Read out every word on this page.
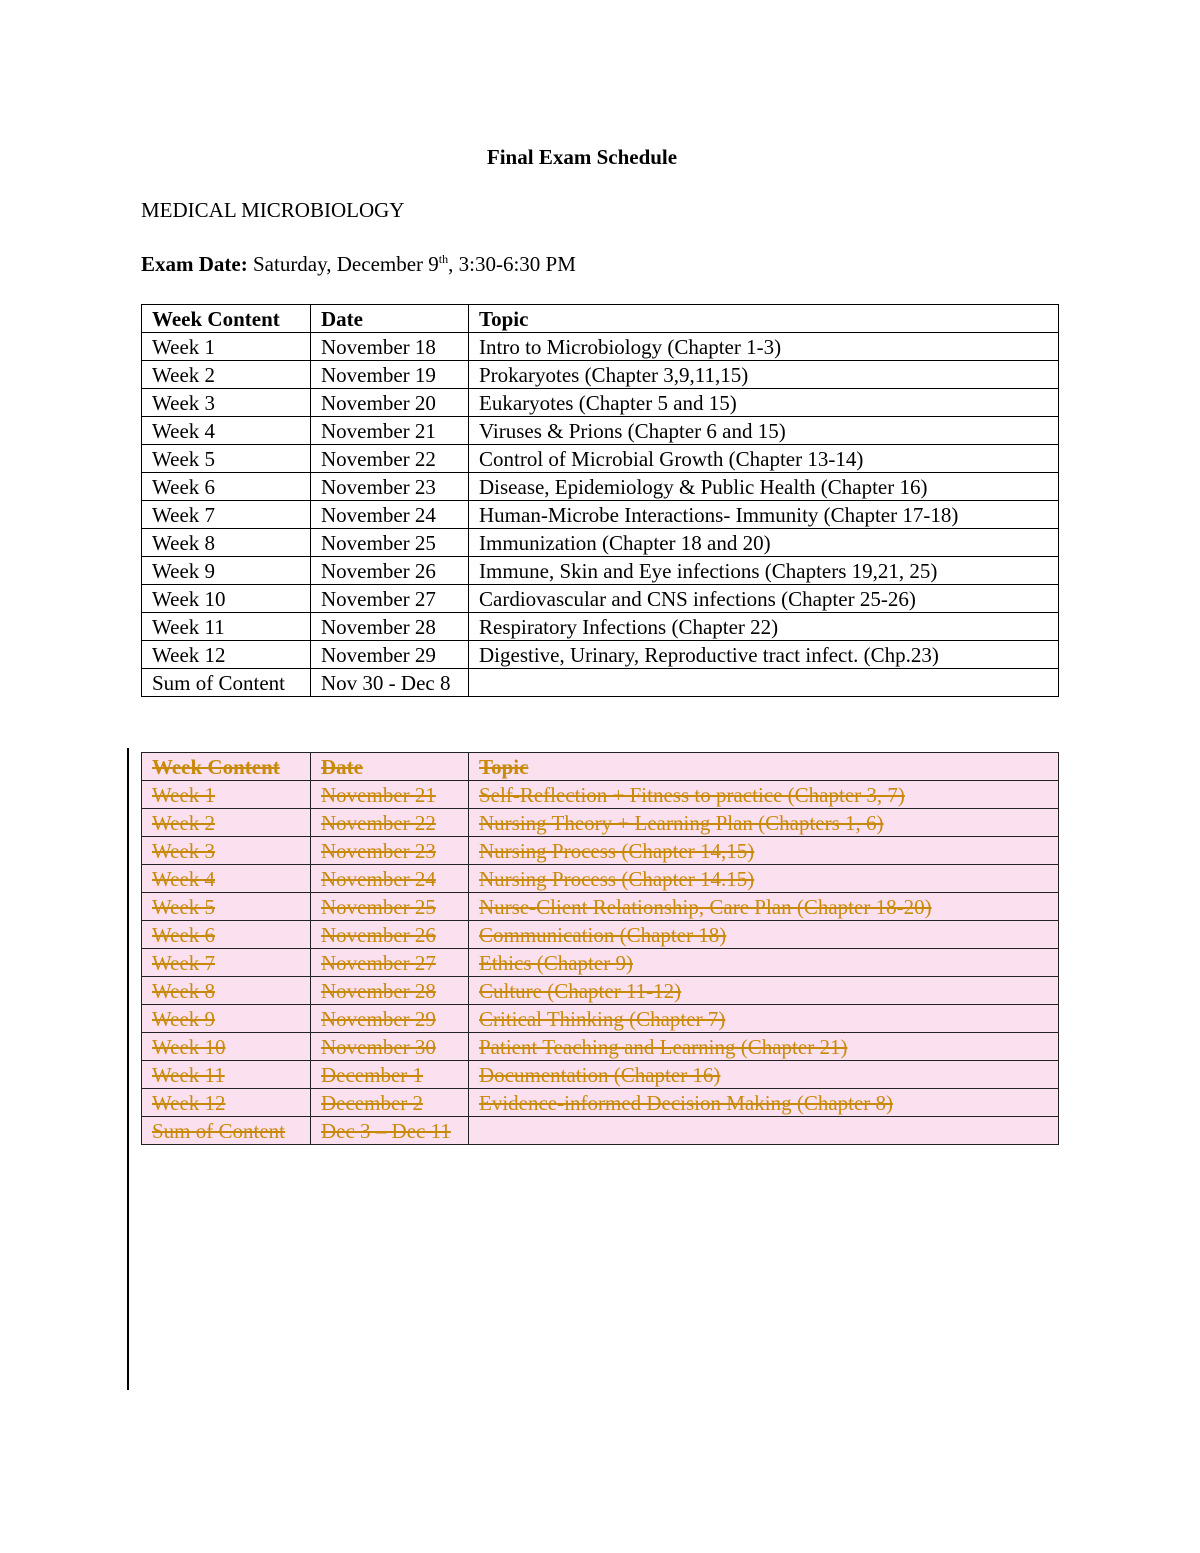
Final Exam Schedule
MEDICAL MICROBIOLOGY
Exam Date: Saturday, December 9th, 3:30-6:30 PM
Week Content	Date	Topic
Week 1	November 18	Intro to Microbiology (Chapter 1-3)
Week 2	November 19	Prokaryotes (Chapter 3,9,11,15)
Week 3	November 20	Eukaryotes (Chapter 5 and 15)
Week 4	November 21	Viruses & Prions (Chapter 6 and 15)
Week 5	November 22	Control of Microbial Growth (Chapter 13-14)
Week 6	November 23	Disease, Epidemiology & Public Health (Chapter 16)
Week 7	November 24	Human-Microbe Interactions- Immunity (Chapter 17-18)
Week 8	November 25	Immunization (Chapter 18 and 20)
Week 9	November 26	Immune, Skin and Eye infections (Chapters 19,21, 25)
Week 10	November 27	Cardiovascular and CNS infections (Chapter 25-26)
Week 11	November 28	Respiratory Infections (Chapter 22)
Week 12	November 29	Digestive, Urinary, Reproductive tract infect. (Chp.23)
Sum of Content	Nov 30 - Dec 8	
Week Content	Date	Topic
Week 1	November 21	Self-Reflection + Fitness to practice (Chapter 3, 7)
Week 2	November 22	Nursing Theory + Learning Plan (Chapters 1, 6)
Week 3	November 23	Nursing Process (Chapter 14,15)
Week 4	November 24	Nursing Process (Chapter 14.15)
Week 5	November 25	Nurse-Client Relationship, Care Plan (Chapter 18-20)
Week 6	November 26	Communication (Chapter 18)
Week 7	November 27	Ethics (Chapter 9)
Week 8	November 28	Culture (Chapter 11-12)
Week 9	November 29	Critical Thinking (Chapter 7)
Week 10	November 30	Patient Teaching and Learning (Chapter 21)
Week 11	December 1	Documentation (Chapter 16)
Week 12	December 2	Evidence-informed Decision Making (Chapter 8)
Sum of Content	Dec 3 – Dec 11	
